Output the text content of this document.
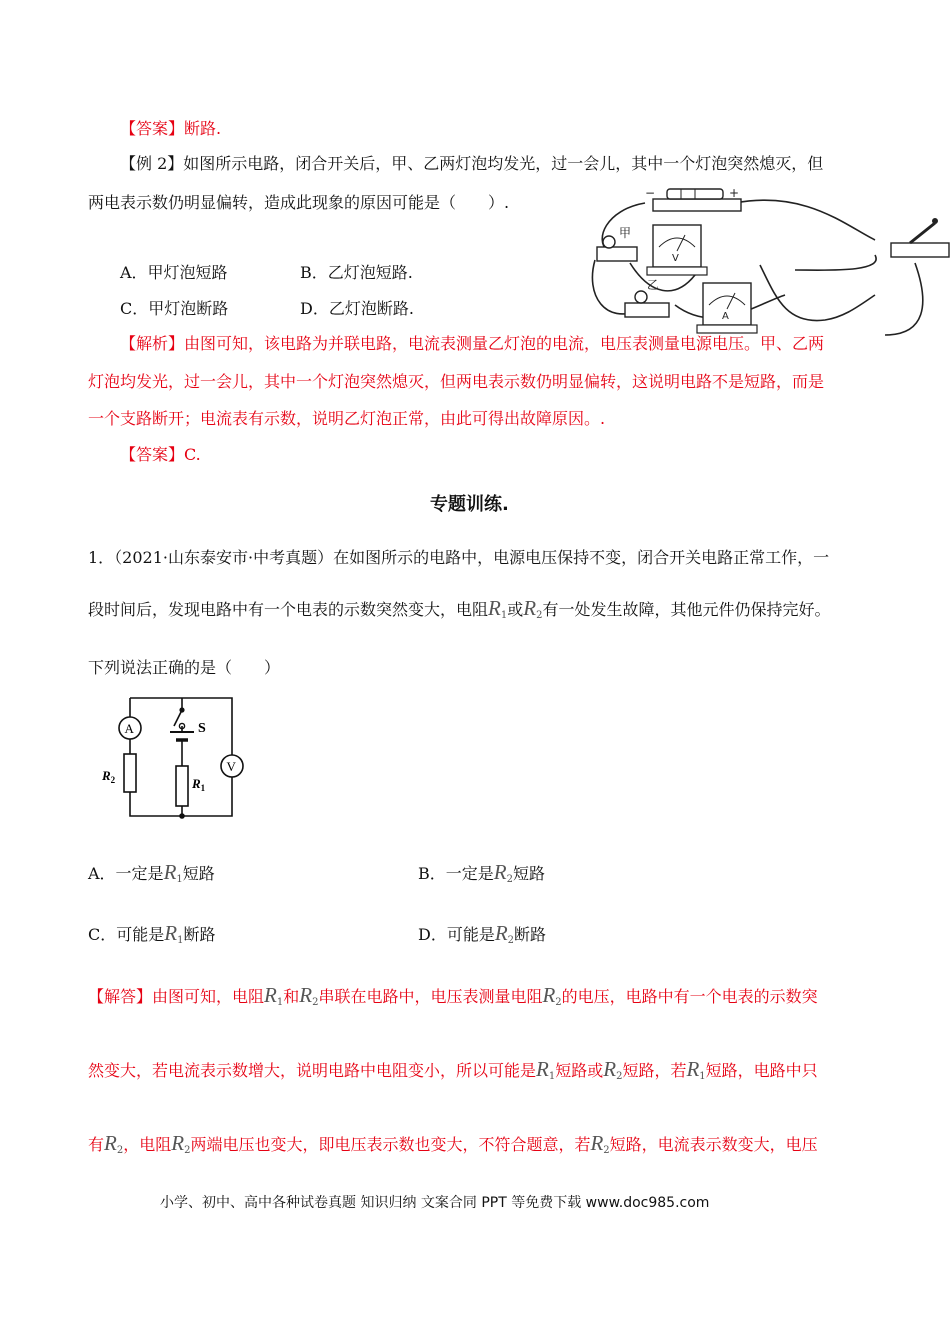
【答案】断路.
【例 2】如图所示电路，闭合开关后，甲、乙两灯泡均发光，过一会儿，其中一个灯泡突然熄灭，但
两电表示数仍明显偏转，造成此现象的原因可能是（　　）.
A．甲灯泡短路	B．乙灯泡短路.
C．甲灯泡断路	D．乙灯泡断路.
−	+
甲
V
乙
A
【解析】由图可知，该电路为并联电路，电流表测量乙灯泡的电流，电压表测量电源电压。甲、乙两
灯泡均发光，过一会儿，其中一个灯泡突然熄灭，但两电表示数仍明显偏转，这说明电路不是短路，而是
一个支路断开；电流表有示数，说明乙灯泡正常，由此可得出故障原因。.
【答案】C.
专题训练.
1．（2021·山东泰安市·中考真题）在如图所示的电路中，电源电压保持不变，闭合开关电路正常工作，一
段时间后，发现电路中有一个电表的示数突然变大，电阻R1或R2有一处发生故障，其他元件仍保持完好。
下列说法正确的是（　　）
S
A
$R_2$	$R_1$
V
A．一定是R1短路	B．一定是R2短路
C．可能是R1断路	D．可能是R2断路
【解答】由图可知，电阻R1和R2串联在电路中，电压表测量电阻R2的电压，电路中有一个电表的示数突
然变大，若电流表示数增大，说明电路中电阻变小，所以可能是R1短路或R2短路，若R1短路，电路中只
有R2，电阻R2两端电压也变大，即电压表示数也变大，不符合题意，若R2短路，电流表示数变大，电压
小学、初中、高中各种试卷真题 知识归纳 文案合同 PPT 等免费下载 www.doc985.com
